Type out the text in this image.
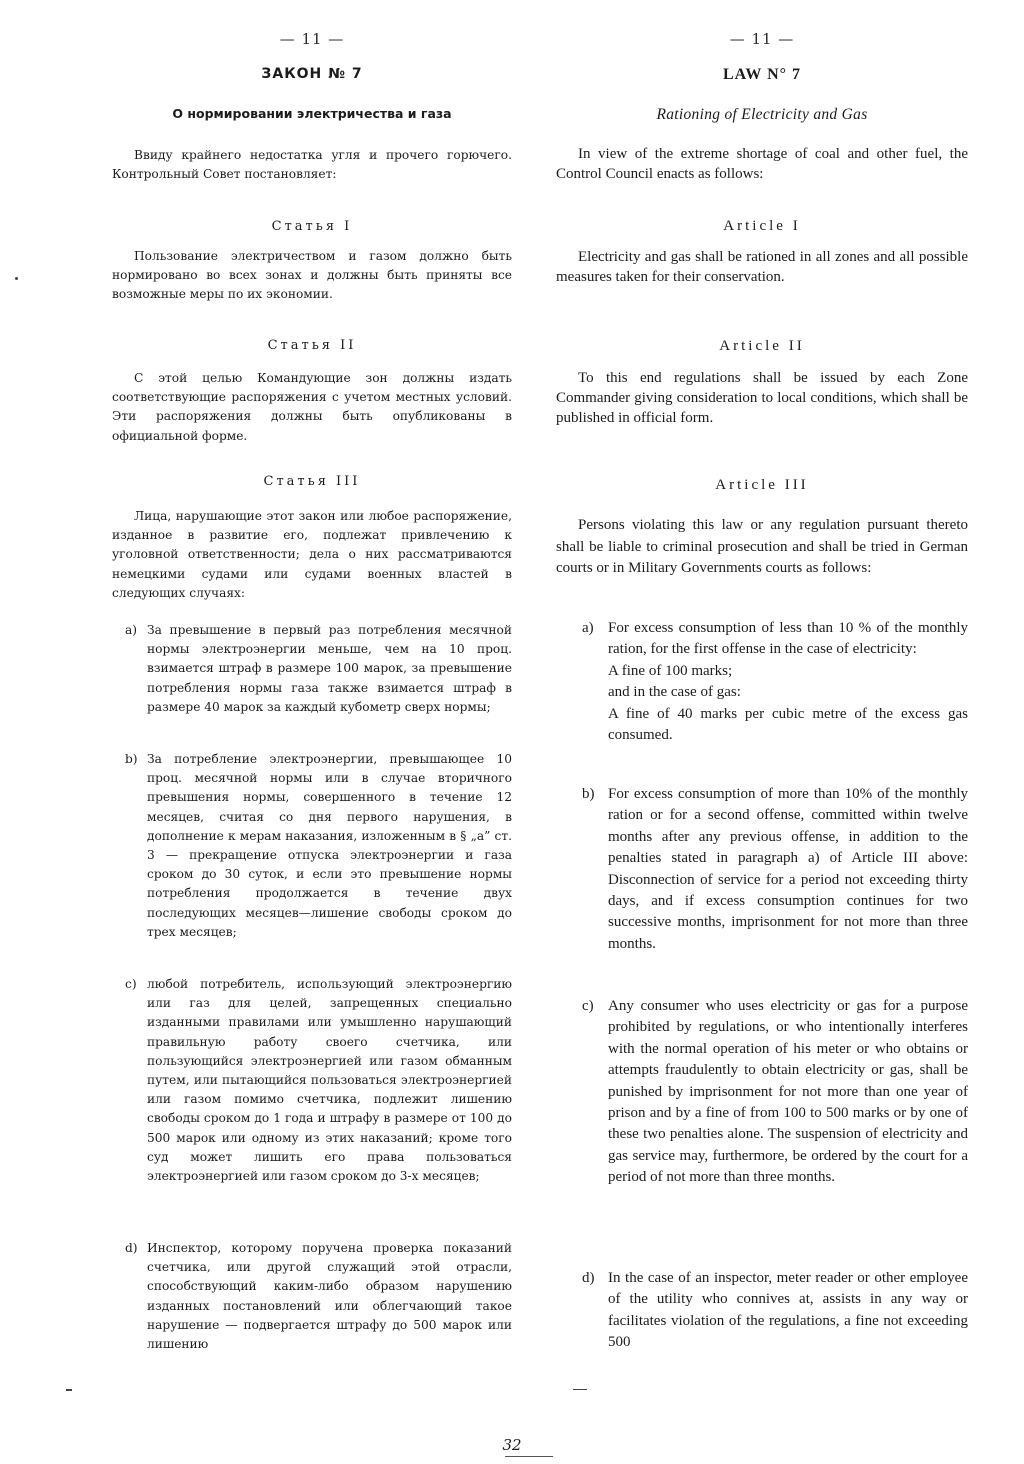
— 11 —
ЗАКОН № 7
О нормировании электричества и газа
Ввиду крайнего недостатка угля и прочего горючего. Контрольный Совет постановляет:
Статья I
Пользование электричеством и газом должно быть нормировано во всех зонах и должны быть приняты все возможные меры по их экономии.
Статья II
С этой целью Командующие зон должны издать соответствующие распоряжения с учетом местных условий. Эти распоряжения должны быть опубликованы в официальной форме.
Статья III
Лица, нарушающие этот закон или любое распоряжение, изданное в развитие его, подлежат привлечению к уголовной ответственности; дела о них рассматриваются немецкими судами или судами военных властей в следующих случаях:
а) За превышение в первый раз потребления месячной нормы электроэнергии меньше, чем на 10 проц. взимается штраф в размере 100 марок, за превышение потребления нормы газа также взимается штраф в размере 40 марок за каждый кубометр сверх нормы;
b) За потребление электроэнергии, превышающее 10 проц. месячной нормы или в случае вторичного превышения нормы, совершенного в течение 12 месяцев, считая со дня первого нарушения, в дополнение к мерам наказания, изложенным в § „а” ст. 3 — прекращение отпуска электроэнергии и газа сроком до 30 суток, и если это превышение нормы потребления продолжается в течение двух последующих месяцев—лишение свободы сроком до трех месяцев;
c) любой потребитель, использующий электроэнергию или газ для целей, запрещенных специально изданными правилами или умышленно нарушающий правильную работу своего счетчика, или пользующийся электроэнергией или газом обманным путем, или пытающийся пользоваться электроэнергией или газом помимо счетчика, подлежит лишению свободы сроком до 1 года и штрафу в размере от 100 до 500 марок или одному из этих наказаний; кроме того суд может лишить его права пользоваться электроэнергией или газом сроком до 3-х месяцев;
d) Инспектор, которому поручена проверка показаний счетчика, или другой служащий этой отрасли, способствующий каким-либо образом нарушению изданных постановлений или облегчающий такое нарушение — подвергается штрафу до 500 марок или лишению
— 11 —
LAW N° 7
Rationing of Electricity and Gas
In view of the extreme shortage of coal and other fuel, the Control Council enacts as follows:
Article I
Electricity and gas shall be rationed in all zones and all possible measures taken for their conservation.
Article II
To this end regulations shall be issued by each Zone Commander giving consideration to local conditions, which shall be published in official form.
Article III
Persons violating this law or any regulation pursuant thereto shall be liable to criminal prosecution and shall be tried in German courts or in Military Governments courts as follows:
a) For excess consumption of less than 10 % of the monthly ration, for the first offense in the case of electricity:
A fine of 100 marks;
and in the case of gas:
A fine of 40 marks per cubic metre of the excess gas consumed.
b) For excess consumption of more than 10% of the monthly ration or for a second offense, committed within twelve months after any previous offense, in addition to the penalties stated in paragraph a) of Article III above: Disconnection of service for a period not exceeding thirty days, and if excess consumption continues for two successive months, imprisonment for not more than three months.
c) Any consumer who uses electricity or gas for a purpose prohibited by regulations, or who intentionally interferes with the normal operation of his meter or who obtains or attempts fraudulently to obtain electricity or gas, shall be punished by imprisonment for not more than one year of prison and by a fine of from 100 to 500 marks or by one of these two penalties alone. The suspension of electricity and gas service may, furthermore, be ordered by the court for a period of not more than three months.
d) In the case of an inspector, meter reader or other employee of the utility who connives at, assists in any way or facilitates violation of the regulations, a fine not exceeding 500
32
